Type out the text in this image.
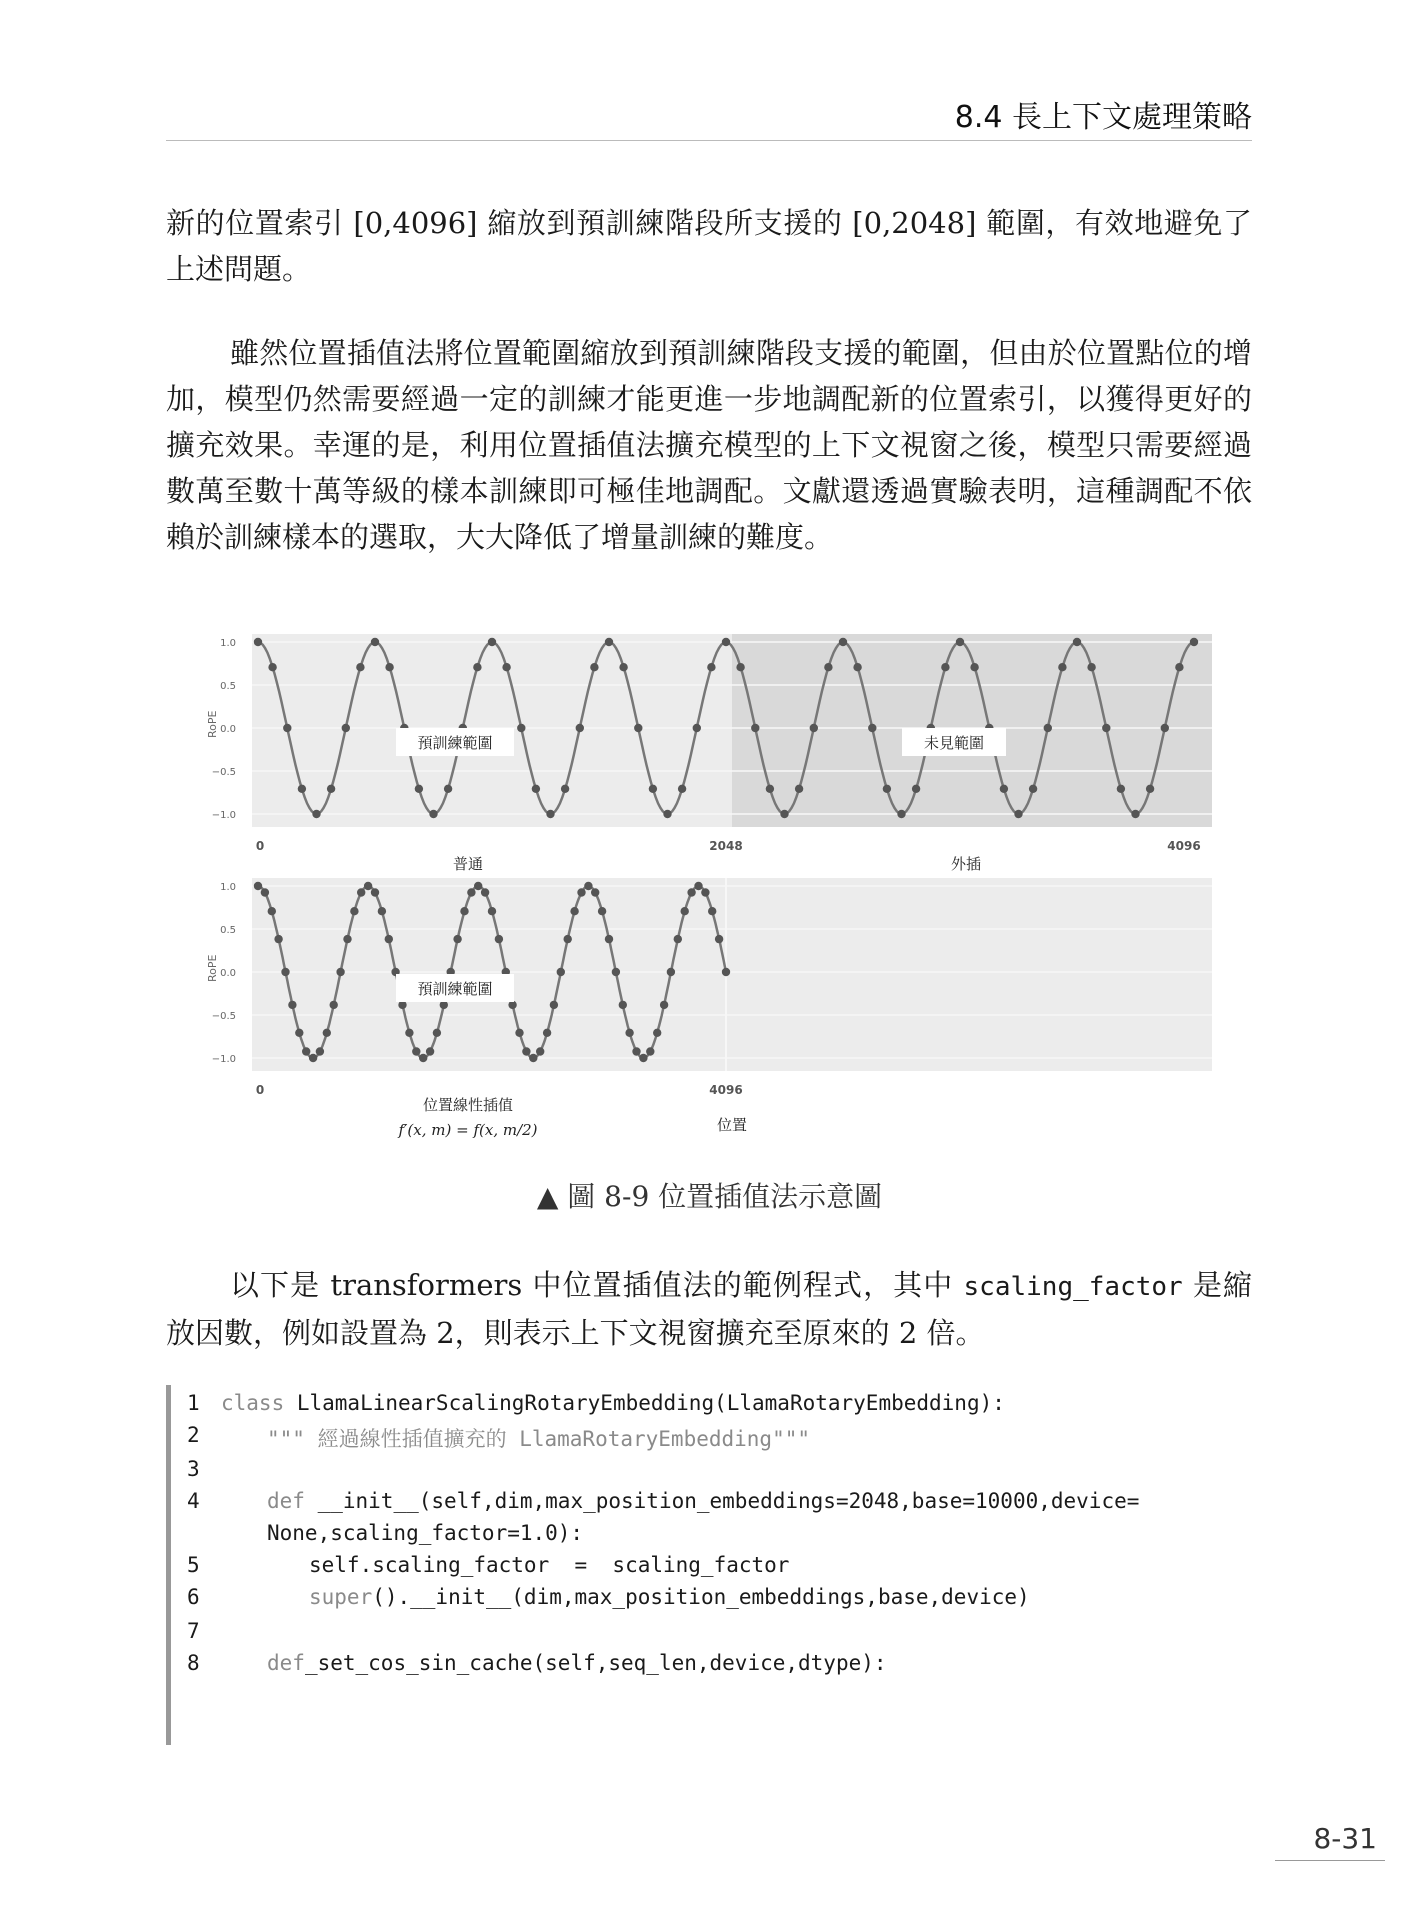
8.4 長上下文處理策略

新的位置索引 [0,4096] 縮放到預訓練階段所支援的 [0,2048] 範圍，有效地避免了上述問題。

雖然位置插值法將位置範圍縮放到預訓練階段支援的範圍，但由於位置點位的增加，模型仍然需要經過一定的訓練才能更進一步地調配新的位置索引，以獲得更好的擴充效果。幸運的是，利用位置插值法擴充模型的上下文視窗之後，模型只需要經過數萬至數十萬等級的樣本訓練即可極佳地調配。文獻還透過實驗表明，這種調配不依賴於訓練樣本的選取，大大降低了增量訓練的難度。

1.0
0.5
0.0
−0.5
−1.0
0	2048	4096
1.0
0.5
0.0
−0.5
−1.0
0	4096
RoPE
RoPE
預訓練範圍	未見範圍
預訓練範圍
普通	外插
位置線性插值
f′(x, m) = f(x, m/2)	位置
▲ 圖 8-9 位置插值法示意圖

以下是 transformers 中位置插值法的範例程式，其中 scaling_factor 是縮放因數，例如設置為 2，則表示上下文視窗擴充至原來的 2 倍。

1	class LlamaLinearScalingRotaryEmbedding(LlamaRotaryEmbedding):
2	""" 經過線性插值擴充的 LlamaRotaryEmbedding"""
3
4	def __init__(self,dim,max_position_embeddings=2048,base=10000,device=
None,scaling_factor=1.0):
5	self.scaling_factor  =  scaling_factor
6	super().__init__(dim,max_position_embeddings,base,device)
7
8	def_set_cos_sin_cache(self,seq_len,device,dtype):
8-31
